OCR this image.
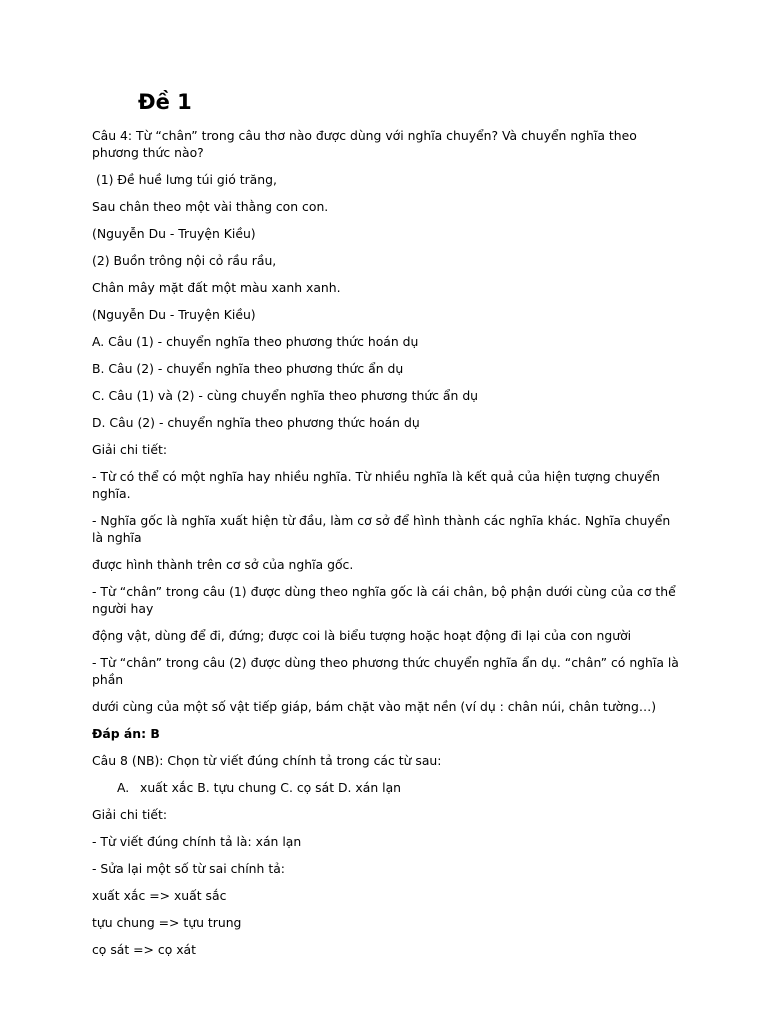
Đề 1

Câu 4: Từ “chân” trong câu thơ nào được dùng với nghĩa chuyển? Và chuyển nghĩa theo phương thức nào?

(1) Đề huề lưng túi gió trăng,

Sau chân theo một vài thằng con con.

(Nguyễn Du - Truyện Kiều)

(2) Buồn trông nội cỏ rầu rầu,

Chân mây mặt đất một màu xanh xanh.

(Nguyễn Du - Truyện Kiều)

A. Câu (1) - chuyển nghĩa theo phương thức hoán dụ

B. Câu (2) - chuyển nghĩa theo phương thức ẩn dụ

C. Câu (1) và (2) - cùng chuyển nghĩa theo phương thức ẩn dụ

D. Câu (2) - chuyển nghĩa theo phương thức hoán dụ

Giải chi tiết:

- Từ có thể có một nghĩa hay nhiều nghĩa. Từ nhiều nghĩa là kết quả của hiện tượng chuyển nghĩa.

- Nghĩa gốc là nghĩa xuất hiện từ đầu, làm cơ sở để hình thành các nghĩa khác. Nghĩa chuyển là nghĩa

được hình thành trên cơ sở của nghĩa gốc.

- Từ “chân” trong câu (1) được dùng theo nghĩa gốc là cái chân, bộ phận dưới cùng của cơ thể người hay

động vật, dùng để đi, đứng; được coi là biểu tượng hoặc hoạt động đi lại của con người

- Từ “chân” trong câu (2) được dùng theo phương thức chuyển nghĩa ẩn dụ. “chân” có nghĩa là phần

dưới cùng của một số vật tiếp giáp, bám chặt vào mặt nền (ví dụ : chân núi, chân tường…)

Đáp án: B

Câu 8 (NB): Chọn từ viết đúng chính tả trong các từ sau:

A. xuất xắc B. tựu chung C. cọ sát D. xán lạn

Giải chi tiết:

- Từ viết đúng chính tả là: xán lạn

- Sửa lại một số từ sai chính tả:

xuất xắc => xuất sắc

tựu chung => tựu trung

cọ sát => cọ xát
